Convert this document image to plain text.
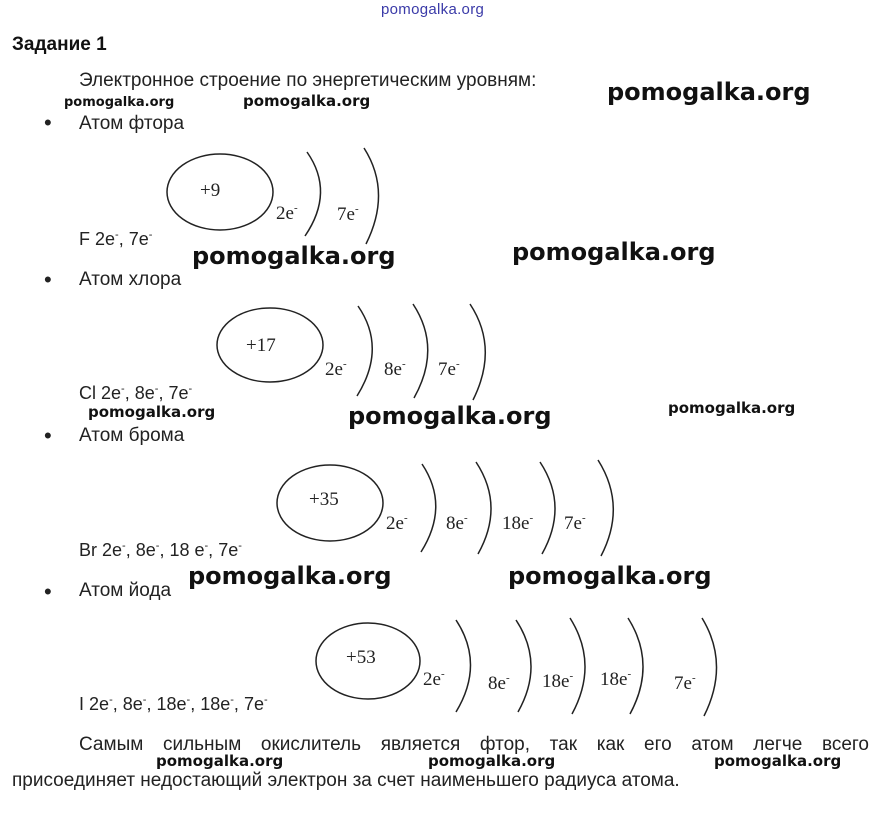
pomogalka.org
Задание 1
Электронное строение по энергетическим уровням:
pomogalka.org	pomogalka.org	pomogalka.org
pomogalka.org	pomogalka.org
pomogalka.org	pomogalka.org	pomogalka.org
pomogalka.org	pomogalka.org
pomogalka.org	pomogalka.org	pomogalka.org
• Атом фтора
+9
2e- 7e-
F 2e-, 7e-
• Атом хлора
+17
2e- 8e- 7e-
Cl 2e-, 8e-, 7e-
• Атом брома
+35
2e- 8e- 18e- 7e-
Br 2e-, 8e-, 18 e-, 7e-
• Атом йода
+53
2e- 8e- 18e- 18e- 7e-
I 2e-, 8e-, 18e-, 18e-, 7e-
Самым сильным окислитель является фтор, так как его атом легче всего
присоединяет недостающий электрон за счет наименьшего радиуса атома.
